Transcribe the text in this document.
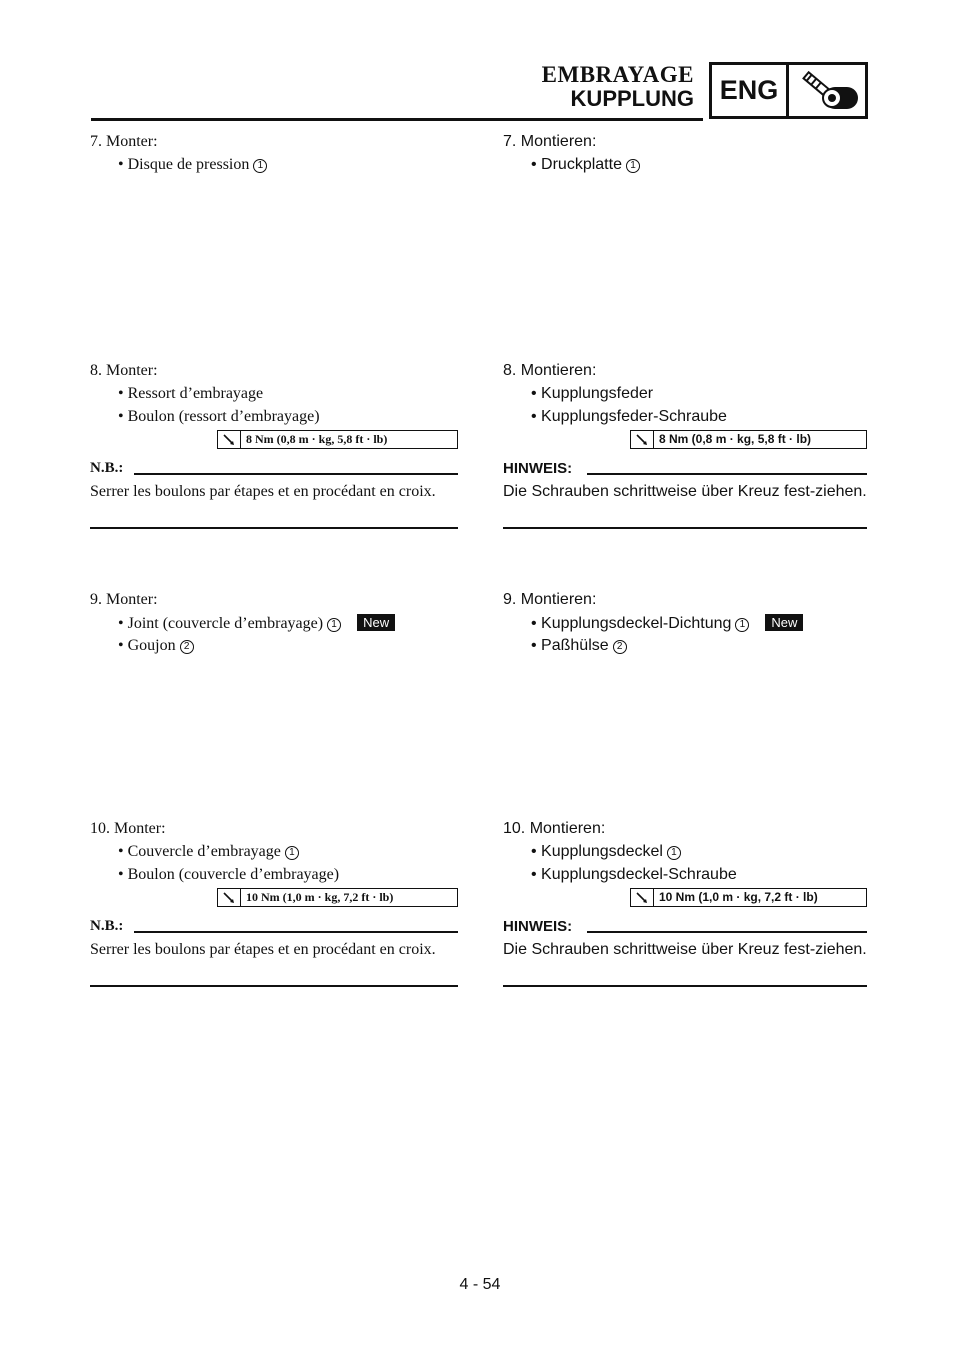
EMBRAYAGE
KUPPLUNG ENG
7. Monter:
• Disque de pression 1
8. Monter:
• Ressort d’embrayage
• Boulon (ressort d’embrayage)
8 Nm (0,8 m · kg, 5,8 ft · lb)
N.B.:
Serrer les boulons par étapes et en procédant en croix.
9. Monter:
• Joint (couvercle d’embrayage) 1 New
• Goujon 2
10. Monter:
• Couvercle d’embrayage 1
• Boulon (couvercle d’embrayage)
10 Nm (1,0 m · kg, 7,2 ft · lb)
N.B.:
Serrer les boulons par étapes et en procédant en croix.
7. Montieren:
• Druckplatte 1
8. Montieren:
• Kupplungsfeder
• Kupplungsfeder-Schraube
8 Nm (0,8 m · kg, 5,8 ft · lb)
HINWEIS:
Die Schrauben schrittweise über Kreuz fest-ziehen.
9. Montieren:
• Kupplungsdeckel-Dichtung 1 New
• Paßhülse 2
10. Montieren:
• Kupplungsdeckel 1
• Kupplungsdeckel-Schraube
10 Nm (1,0 m · kg, 7,2 ft · lb)
HINWEIS:
Die Schrauben schrittweise über Kreuz fest-ziehen.
4 - 54
